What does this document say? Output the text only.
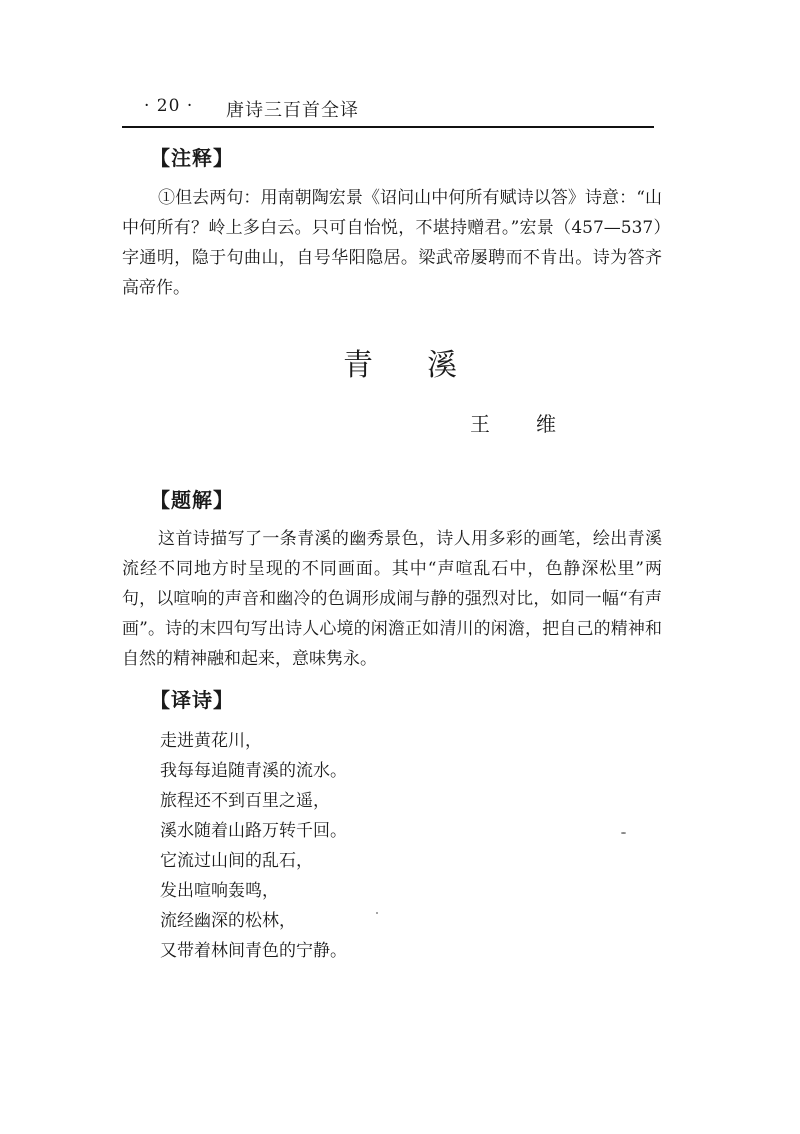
· 20 · 唐诗三百首全译
【注释】
①但去两句：用南朝陶宏景《诏问山中何所有赋诗以答》诗意：“山中何所有？岭上多白云。只可自怡悦，不堪持赠君。”宏景（457—537）字通明，隐于句曲山，自号华阳隐居。梁武帝屡聘而不肯出。诗为答齐高帝作。
青溪
王维
【题解】
这首诗描写了一条青溪的幽秀景色，诗人用多彩的画笔，绘出青溪流经不同地方时呈现的不同画面。其中“声喧乱石中，色静深松里”两句，以喧响的声音和幽冷的色调形成闹与静的强烈对比，如同一幅“有声画”。诗的末四句写出诗人心境的闲澹正如清川的闲澹，把自己的精神和自然的精神融和起来，意味隽永。
【译诗】
走进黄花川，
我每每追随青溪的流水。
旅程还不到百里之遥，
溪水随着山路万转千回。
它流过山间的乱石，
发出喧响轰鸣，
流经幽深的松林，
又带着林间青色的宁静。
